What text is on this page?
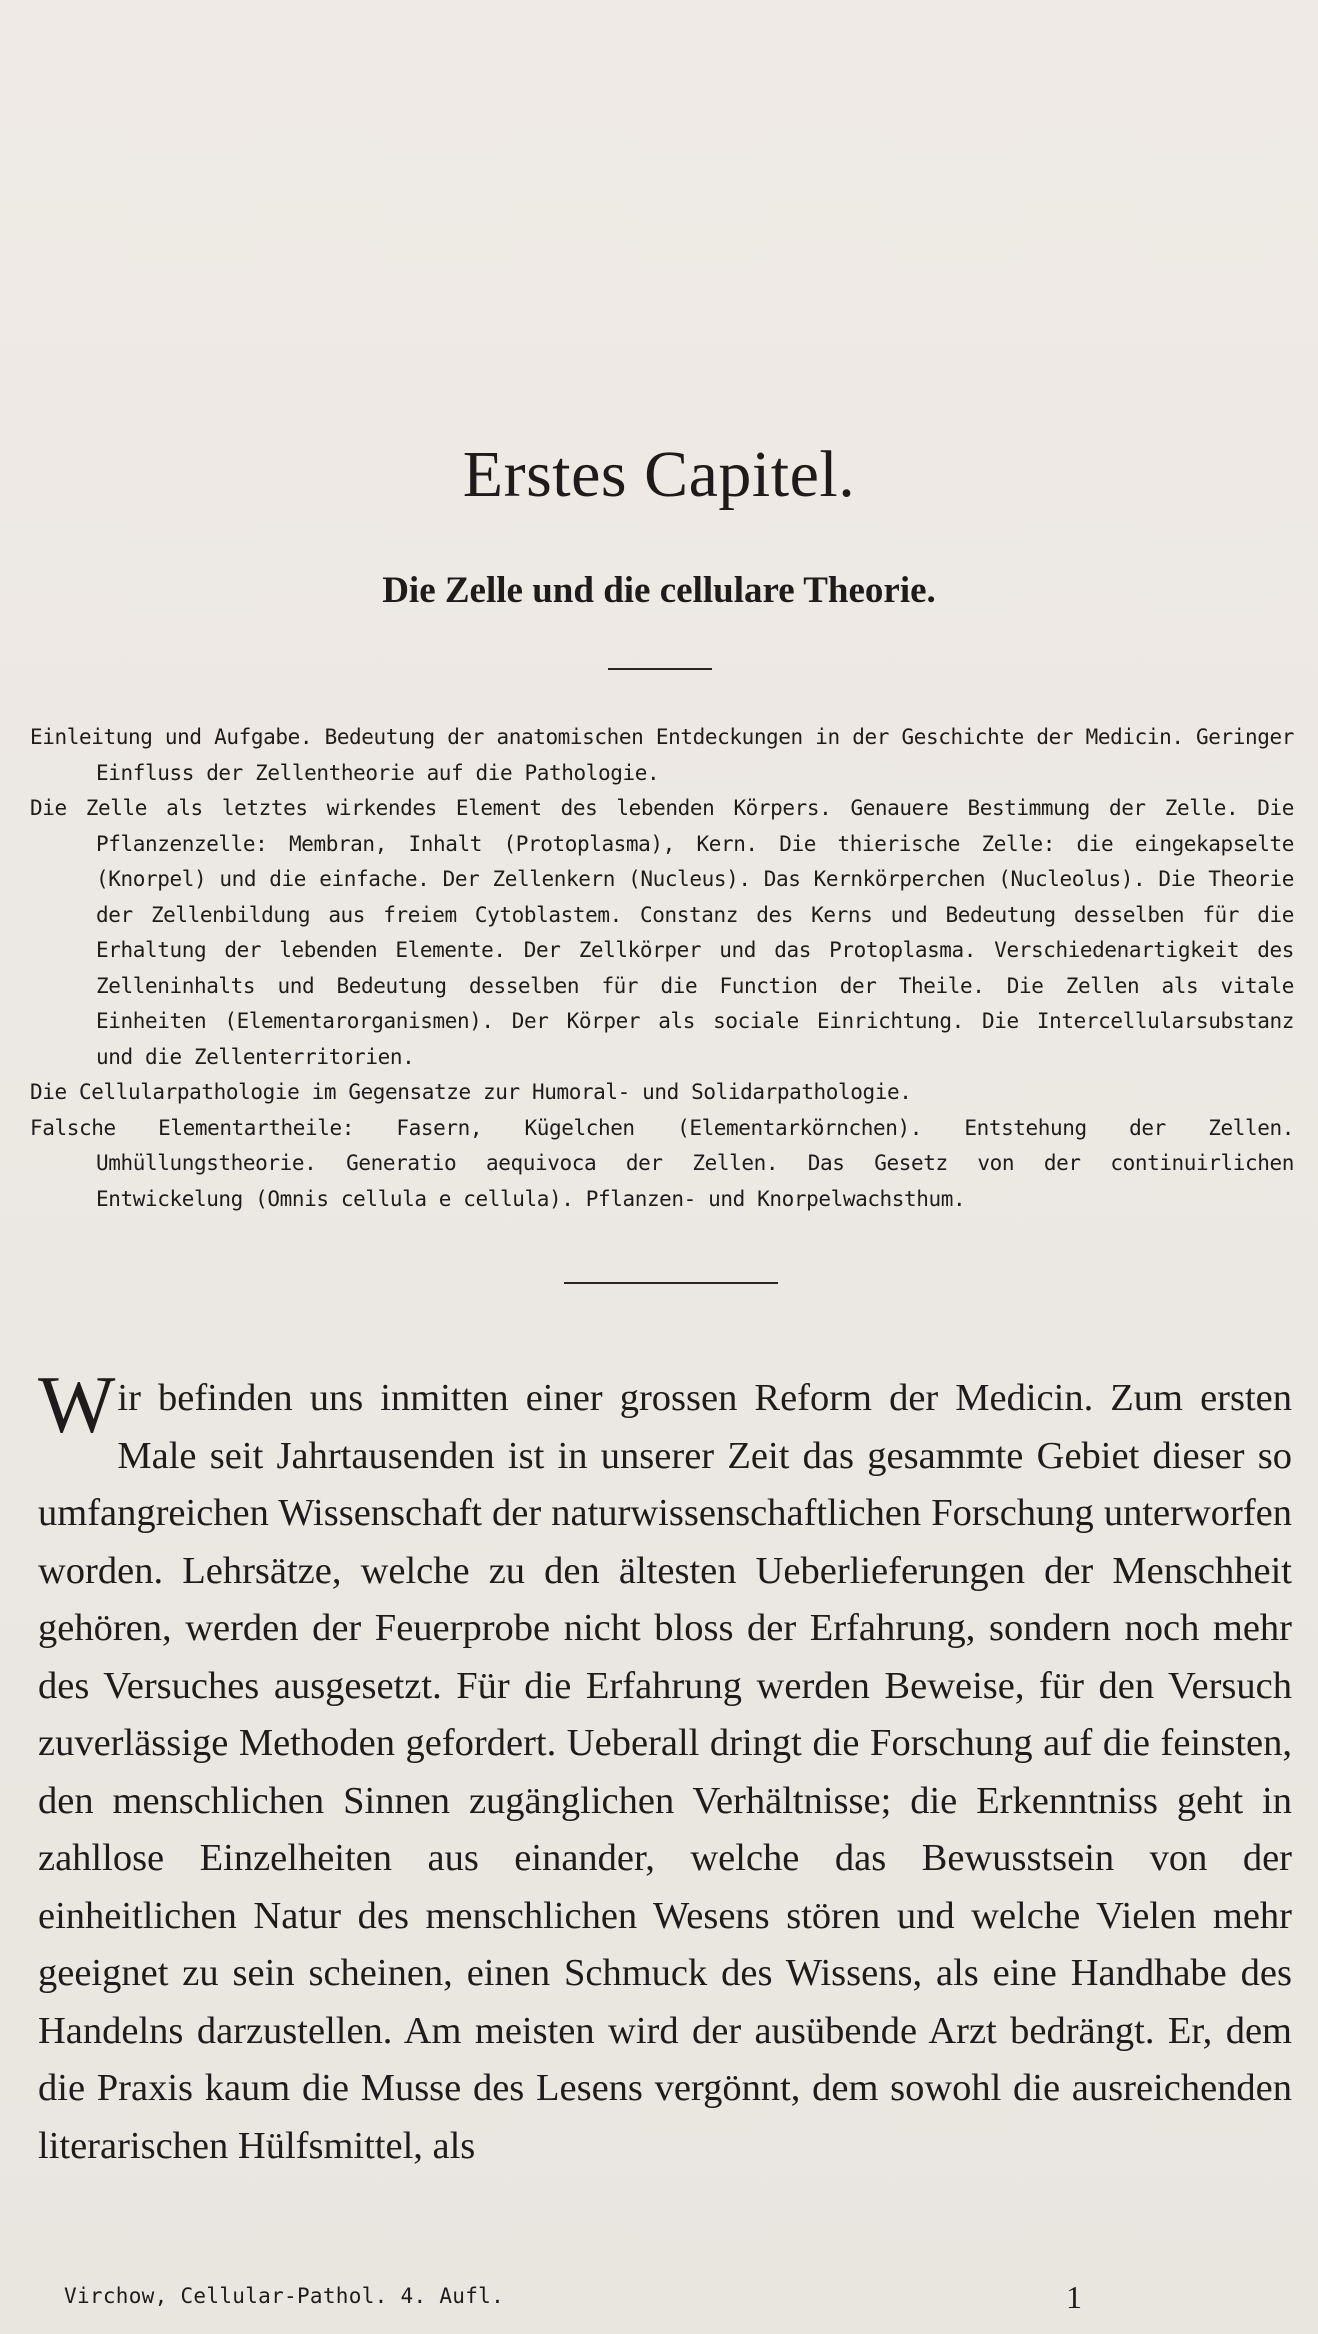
Erstes Capitel.
Die Zelle und die cellulare Theorie.
Einleitung und Aufgabe. Bedeutung der anatomischen Entdeckungen in der Geschichte der Medicin. Geringer Einfluss der Zellentheorie auf die Pathologie.
Die Zelle als letztes wirkendes Element des lebenden Körpers. Genauere Bestimmung der Zelle. Die Pflanzenzelle: Membran, Inhalt (Protoplasma), Kern. Die thierische Zelle: die eingekapselte (Knorpel) und die einfache. Der Zellenkern (Nucleus). Das Kernkörperchen (Nucleolus). Die Theorie der Zellenbildung aus freiem Cytoblastem. Constanz des Kerns und Bedeutung desselben für die Erhaltung der lebenden Elemente. Der Zellkörper und das Protoplasma. Verschiedenartigkeit des Zelleninhalts und Bedeutung desselben für die Function der Theile. Die Zellen als vitale Einheiten (Elementarorganismen). Der Körper als sociale Einrichtung. Die Intercellularsubstanz und die Zellenterritorien.
Die Cellularpathologie im Gegensatze zur Humoral- und Solidarpathologie.
Falsche Elementartheile: Fasern, Kügelchen (Elementarkörnchen). Entstehung der Zellen. Umhüllungstheorie. Generatio aequivoca der Zellen. Das Gesetz von der continuirlichen Entwickelung (Omnis cellula e cellula). Pflanzen- und Knorpelwachsthum.
Wir befinden uns inmitten einer grossen Reform der Medicin. Zum ersten Male seit Jahrtausenden ist in unserer Zeit das gesammte Gebiet dieser so umfangreichen Wissenschaft der naturwissenschaftlichen Forschung unterworfen worden. Lehrsätze, welche zu den ältesten Ueberlieferungen der Menschheit gehören, werden der Feuerprobe nicht bloss der Erfahrung, sondern noch mehr des Versuches ausgesetzt. Für die Erfahrung werden Beweise, für den Versuch zuverlässige Methoden gefordert. Ueberall dringt die Forschung auf die feinsten, den menschlichen Sinnen zugänglichen Verhältnisse; die Erkenntniss geht in zahllose Einzelheiten aus einander, welche das Bewusstsein von der einheitlichen Natur des menschlichen Wesens stören und welche Vielen mehr geeignet zu sein scheinen, einen Schmuck des Wissens, als eine Handhabe des Handelns darzustellen. Am meisten wird der ausübende Arzt bedrängt. Er, dem die Praxis kaum die Musse des Lesens vergönnt, dem sowohl die ausreichenden literarischen Hülfsmittel, als
Virchow, Cellular-Pathol. 4. Aufl.	1
